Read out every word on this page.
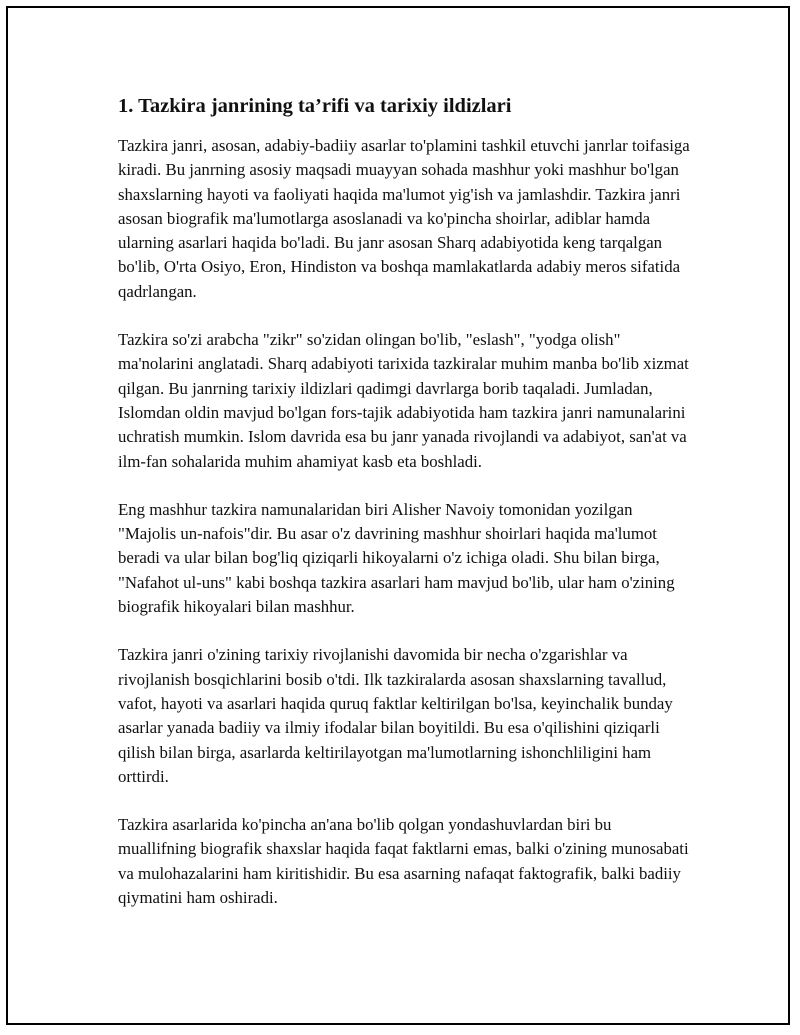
1. Tazkira janrining ta’rifi va tarixiy ildizlari

Tazkira janri, asosan, adabiy-badiiy asarlar to'plamini tashkil etuvchi janrlar toifasiga kiradi. Bu janrning asosiy maqsadi muayyan sohada mashhur yoki mashhur bo'lgan shaxslarning hayoti va faoliyati haqida ma'lumot yig'ish va jamlashdir. Tazkira janri asosan biografik ma'lumotlarga asoslanadi va ko'pincha shoirlar, adiblar hamda ularning asarlari haqida bo'ladi. Bu janr asosan Sharq adabiyotida keng tarqalgan bo'lib, O'rta Osiyo, Eron, Hindiston va boshqa mamlakatlarda adabiy meros sifatida qadrlangan.

Tazkira so'zi arabcha "zikr" so'zidan olingan bo'lib, "eslash", "yodga olish" ma'nolarini anglatadi. Sharq adabiyoti tarixida tazkiralar muhim manba bo'lib xizmat qilgan. Bu janrning tarixiy ildizlari qadimgi davrlarga borib taqaladi. Jumladan, Islomdan oldin mavjud bo'lgan fors-tajik adabiyotida ham tazkira janri namunalarini uchratish mumkin. Islom davrida esa bu janr yanada rivojlandi va adabiyot, san'at va ilm-fan sohalarida muhim ahamiyat kasb eta boshladi.

Eng mashhur tazkira namunalaridan biri Alisher Navoiy tomonidan yozilgan "Majolis un-nafois"dir. Bu asar o'z davrining mashhur shoirlari haqida ma'lumot beradi va ular bilan bog'liq qiziqarli hikoyalarni o'z ichiga oladi. Shu bilan birga, "Nafahot ul-uns" kabi boshqa tazkira asarlari ham mavjud bo'lib, ular ham o'zining biografik hikoyalari bilan mashhur.

Tazkira janri o'zining tarixiy rivojlanishi davomida bir necha o'zgarishlar va rivojlanish bosqichlarini bosib o'tdi. Ilk tazkiralarda asosan shaxslarning tavallud, vafot, hayoti va asarlari haqida quruq faktlar keltirilgan bo'lsa, keyinchalik bunday asarlar yanada badiiy va ilmiy ifodalar bilan boyitildi. Bu esa o'qilishini qiziqarli qilish bilan birga, asarlarda keltirilayotgan ma'lumotlarning ishonchliligini ham orttirdi.

Tazkira asarlarida ko'pincha an'ana bo'lib qolgan yondashuvlardan biri bu muallifning biografik shaxslar haqida faqat faktlarni emas, balki o'zining munosabati va mulohazalarini ham kiritishidir. Bu esa asarning nafaqat faktografik, balki badiiy qiymatini ham oshiradi.
